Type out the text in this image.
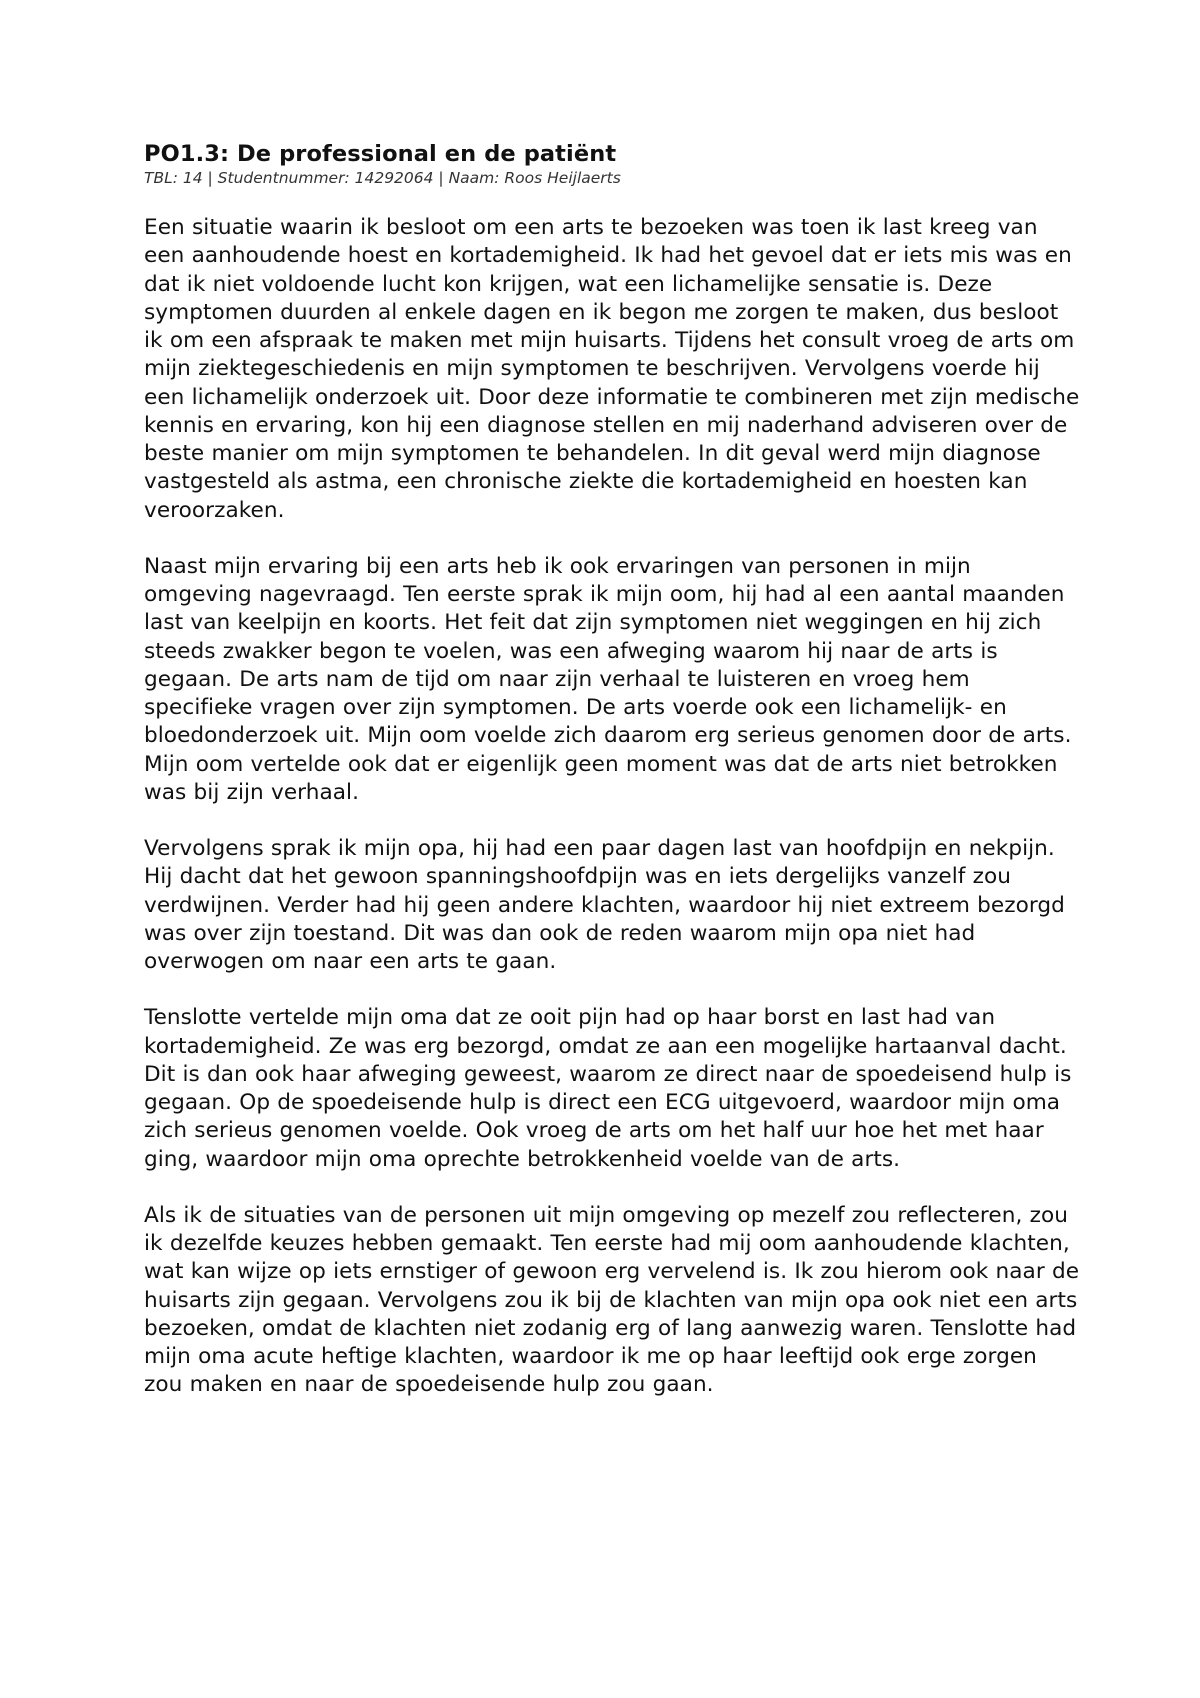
PO1.3: De professional en de patiënt

TBL: 14 | Studentnummer: 14292064 | Naam: Roos Heijlaerts

Een situatie waarin ik besloot om een arts te bezoeken was toen ik last kreeg van een aanhoudende hoest en kortademigheid. Ik had het gevoel dat er iets mis was en dat ik niet voldoende lucht kon krijgen, wat een lichamelijke sensatie is. Deze symptomen duurden al enkele dagen en ik begon me zorgen te maken, dus besloot ik om een afspraak te maken met mijn huisarts. Tijdens het consult vroeg de arts om mijn ziektegeschiedenis en mijn symptomen te beschrijven. Vervolgens voerde hij een lichamelijk onderzoek uit. Door deze informatie te combineren met zijn medische kennis en ervaring, kon hij een diagnose stellen en mij naderhand adviseren over de beste manier om mijn symptomen te behandelen. In dit geval werd mijn diagnose vastgesteld als astma, een chronische ziekte die kortademigheid en hoesten kan veroorzaken.

Naast mijn ervaring bij een arts heb ik ook ervaringen van personen in mijn omgeving nagevraagd. Ten eerste sprak ik mijn oom, hij had al een aantal maanden last van keelpijn en koorts. Het feit dat zijn symptomen niet weggingen en hij zich steeds zwakker begon te voelen, was een afweging waarom hij naar de arts is gegaan. De arts nam de tijd om naar zijn verhaal te luisteren en vroeg hem specifieke vragen over zijn symptomen. De arts voerde ook een lichamelijk- en bloedonderzoek uit. Mijn oom voelde zich daarom erg serieus genomen door de arts. Mijn oom vertelde ook dat er eigenlijk geen moment was dat de arts niet betrokken was bij zijn verhaal.

Vervolgens sprak ik mijn opa, hij had een paar dagen last van hoofdpijn en nekpijn. Hij dacht dat het gewoon spanningshoofdpijn was en iets dergelijks vanzelf zou verdwijnen. Verder had hij geen andere klachten, waardoor hij niet extreem bezorgd was over zijn toestand. Dit was dan ook de reden waarom mijn opa niet had overwogen om naar een arts te gaan.

Tenslotte vertelde mijn oma dat ze ooit pijn had op haar borst en last had van kortademigheid. Ze was erg bezorgd, omdat ze aan een mogelijke hartaanval dacht. Dit is dan ook haar afweging geweest, waarom ze direct naar de spoedeisend hulp is gegaan. Op de spoedeisende hulp is direct een ECG uitgevoerd, waardoor mijn oma zich serieus genomen voelde. Ook vroeg de arts om het half uur hoe het met haar ging, waardoor mijn oma oprechte betrokkenheid voelde van de arts.

Als ik de situaties van de personen uit mijn omgeving op mezelf zou reflecteren, zou ik dezelfde keuzes hebben gemaakt. Ten eerste had mij oom aanhoudende klachten, wat kan wijze op iets ernstiger of gewoon erg vervelend is. Ik zou hierom ook naar de huisarts zijn gegaan. Vervolgens zou ik bij de klachten van mijn opa ook niet een arts bezoeken, omdat de klachten niet zodanig erg of lang aanwezig waren. Tenslotte had mijn oma acute heftige klachten, waardoor ik me op haar leeftijd ook erge zorgen zou maken en naar de spoedeisende hulp zou gaan.
